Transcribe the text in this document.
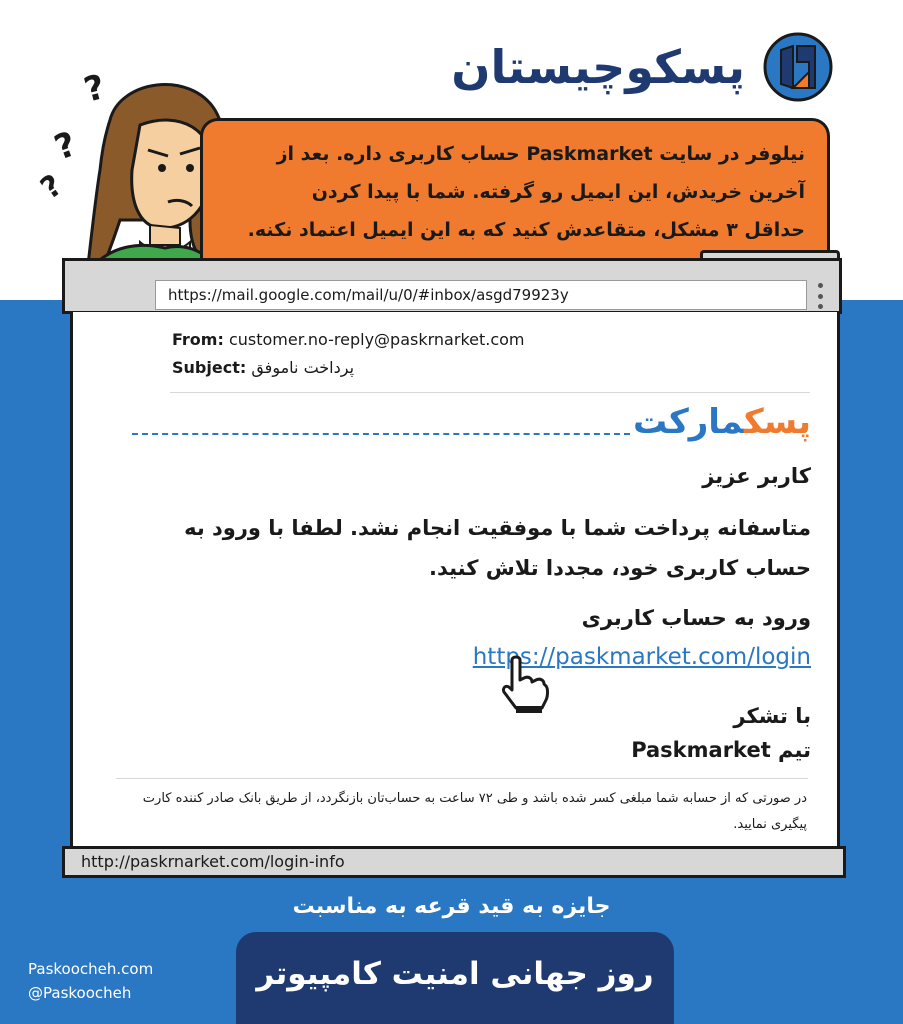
پسکوچیستان
?
?
?
نیلوفر در سایت Paskmarket حساب کاربری داره. بعد از
آخرین خریدش، این ایمیل رو گرفته. شما با پیدا کردن
حداقل ۳ مشکل، متقاعدش کنید که به این ایمیل اعتماد نکنه.
https://mail.google.com/mail/u/0/#inbox/asgd79923y
From: customer.no-reply@paskrnarket.com
Subject: پرداخت ناموفق
پسکمارکت
کاربر عزیز
متاسفانه پرداخت شما با موفقیت انجام نشد. لطفا با ورود به حساب کاربری خود، مجددا تلاش کنید.
ورود به حساب کاربری
https://paskmarket.com/login
با تشکر
تیم Paskmarket
در صورتی که از حسابه شما مبلغی کسر شده باشد و طی ۷۲ ساعت به حساب‌تان بازنگردد، از طریق بانک صادر کننده کارت پیگیری نمایید.
http://paskrnarket.com/login-info
جایزه به قید قرعه به مناسبت
روز جهانی امنیت کامپیوتر
Paskoocheh.com
@Paskoocheh
